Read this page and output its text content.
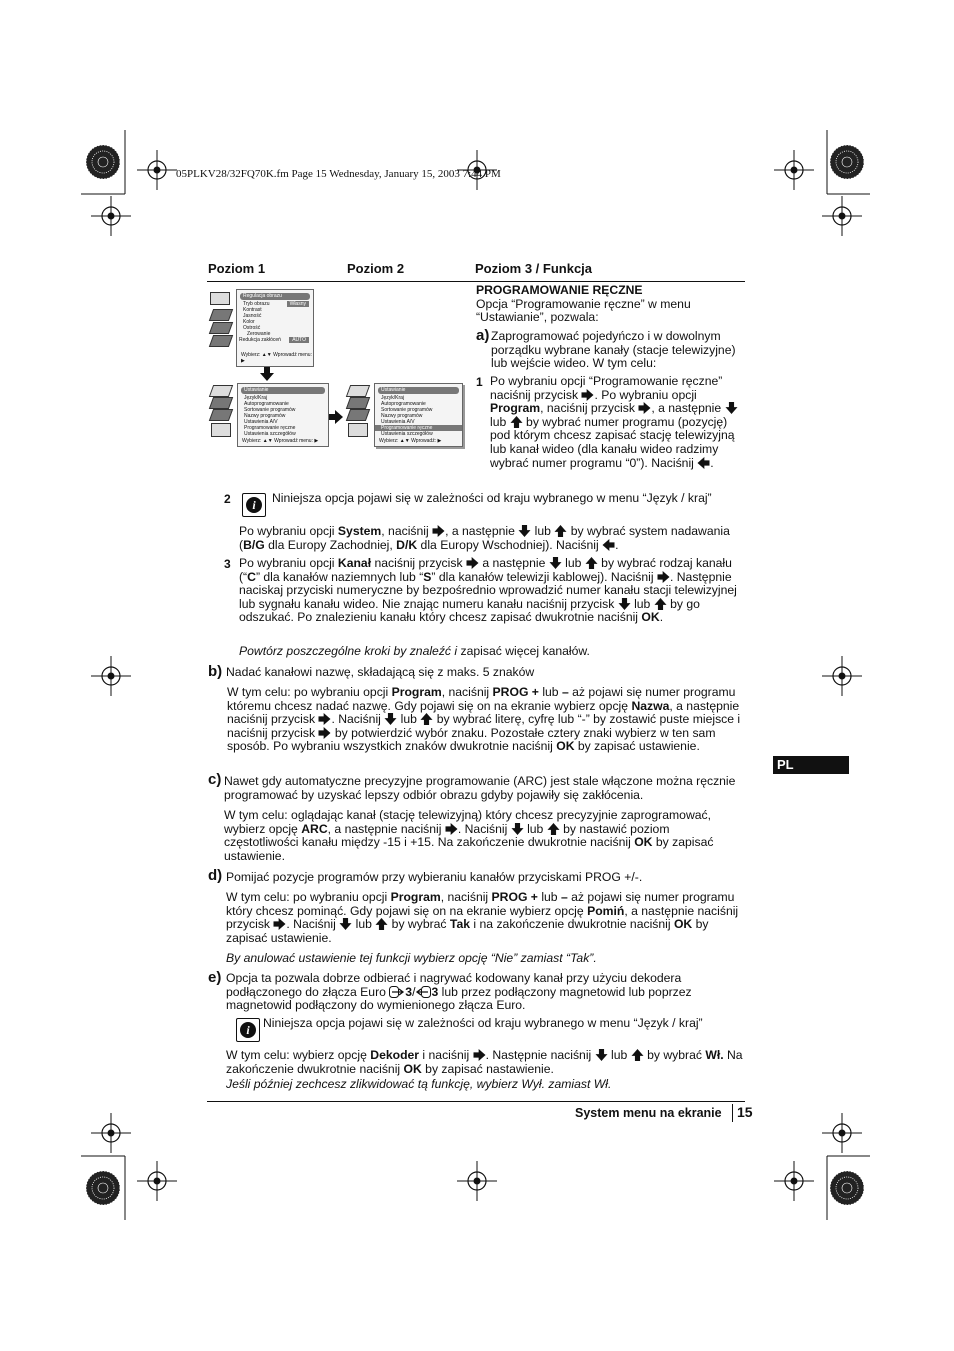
05PLKV28/32FQ70K.fm Page 15 Wednesday, January 15, 2003 7:44 PM
Poziom 1	Poziom 2	Poziom 3 / Funkcja
Regulacja obrazu
Tryb obrazu	Własny
Kontrast
Jasność
Kolor
Ostrość
Zerowanie
Redukcja zakłóceń	AUTO
Wybierz: ▲▼ Wprowadź menu: ▶
Ustawianie
Język/Kraj
Autoprogramowanie
Sortowanie programów
Nazwy programów
Ustawienia A/V
Programowanie ręczne
Ustawienia szczegółów
Wybierz: ▲▼ Wprowadź menu: ▶
Ustawianie
Język/Kraj
Autoprogramowanie
Sortowanie programów
Nazwy programów
Ustawienia A/V
Programowanie ręczne
Ustawienia szczegółów
Wybierz: ▲▼ Wprowadź: ▶
PROGRAMOWANIE RĘCZNE
Opcja “Programowanie ręczne” w menu “Ustawianie”, pozwala:
a) Zaprogramować pojedyńczo i w dowolnym porządku wybrane kanały (stacje telewizyjne) lub wejście wideo. W tym celu:
1 Po wybraniu opcji “Programowanie ręczne” naciśnij przycisk . Po wybraniu opcji Program, naciśnij przycisk , a następnie  lub  by wybrać numer programu (pozycję) pod którym chcesz zapisać stację telewizyjną lub kanał wideo (dla kanału wideo radzimy wybrać numer programu “0”). Naciśnij .
2	i	Niniejsza opcja pojawi się w zależności od kraju wybranego w menu “Język / kraj”
Po wybraniu opcji System, naciśnij , a następnie  lub  by wybrać system nadawania (B/G dla Europy Zachodniej, D/K dla Europy Wschodniej). Naciśnij .
3 Po wybraniu opcji Kanał naciśnij przycisk  a następnie  lub  by wybrać rodzaj kanału (“C” dla kanałów naziemnych lub “S” dla kanałów telewizji kablowej). Naciśnij . Następnie naciskaj przyciski numeryczne by bezpośrednio wprowadzić numer kanału stacji telewizyjnej lub sygnału kanału wideo. Nie znając numeru kanału naciśnij przycisk  lub  by go odszukać. Po znalezieniu kanału który chcesz zapisać dwukrotnie naciśnij OK.
Powtórz poszczególne kroki by znaleźć i zapisać więcej kanałów.
b) Nadać kanałowi nazwę, składającą się z maks. 5 znaków
W tym celu: po wybraniu opcji Program, naciśnij PROG + lub – aż pojawi się numer programu któremu chcesz nadać nazwę. Gdy pojawi się on na ekranie wybierz opcję Nazwa, a następnie naciśnij przycisk . Naciśnij  lub  by wybrać literę, cyfrę lub “-” by zostawić puste miejsce i naciśnij przycisk  by potwierdzić wybór znaku. Pozostałe cztery znaki wybierz w ten sam sposób. Po wybraniu wszystkich znaków dwukrotnie naciśnij OK by zapisać ustawienie.
c) Nawet gdy automatyczne precyzyjne programowanie (ARC) jest stale włączone można ręcznie programować by uzyskać lepszy odbiór obrazu gdyby pojawiły się zakłócenia.
W tym celu: oglądając kanał (stację telewizyjną) który chcesz precyzyjnie zaprogramować, wybierz opcję ARC, a następnie naciśnij . Naciśnij  lub  by nastawić poziom częstotliwości kanału między -15 i +15. Na zakończenie dwukrotnie naciśnij OK by zapisać ustawienie.
d) Pomijać pozycje programów przy wybieraniu kanałów przyciskami PROG +/-.
W tym celu: po wybraniu opcji Program, naciśnij PROG + lub – aż pojawi się numer programu który chcesz pominąć. Gdy pojawi się on na ekranie wybierz opcję Pomiń, a następnie naciśnij przycisk . Naciśnij  lub  by wybrać Tak i na zakończenie dwukrotnie naciśnij OK by zapisać ustawienie.
By anulować ustawienie tej funkcji wybierz opcję “Nie” zamiast “Tak”.
e) Opcja ta pozwala dobrze odbierać i nagrywać kodowany kanał przy użyciu dekodera podłączonego do złącza Euro 3/ 3 lub przez podłączony magnetowid lub poprzez magnetowid podłączony do wymienionego złącza Euro.
i	Niniejsza opcja pojawi się w zależności od kraju wybranego w menu “Język / kraj”
W tym celu: wybierz opcję Dekoder i naciśnij . Następnie naciśnij  lub  by wybrać Wł. Na zakończenie dwukrotnie naciśnij OK by zapisać nastawienie.
Jeśli później zechcesz zlikwidować tą funkcję, wybierz Wył. zamiast Wł.
PL
System menu na ekranie 15
